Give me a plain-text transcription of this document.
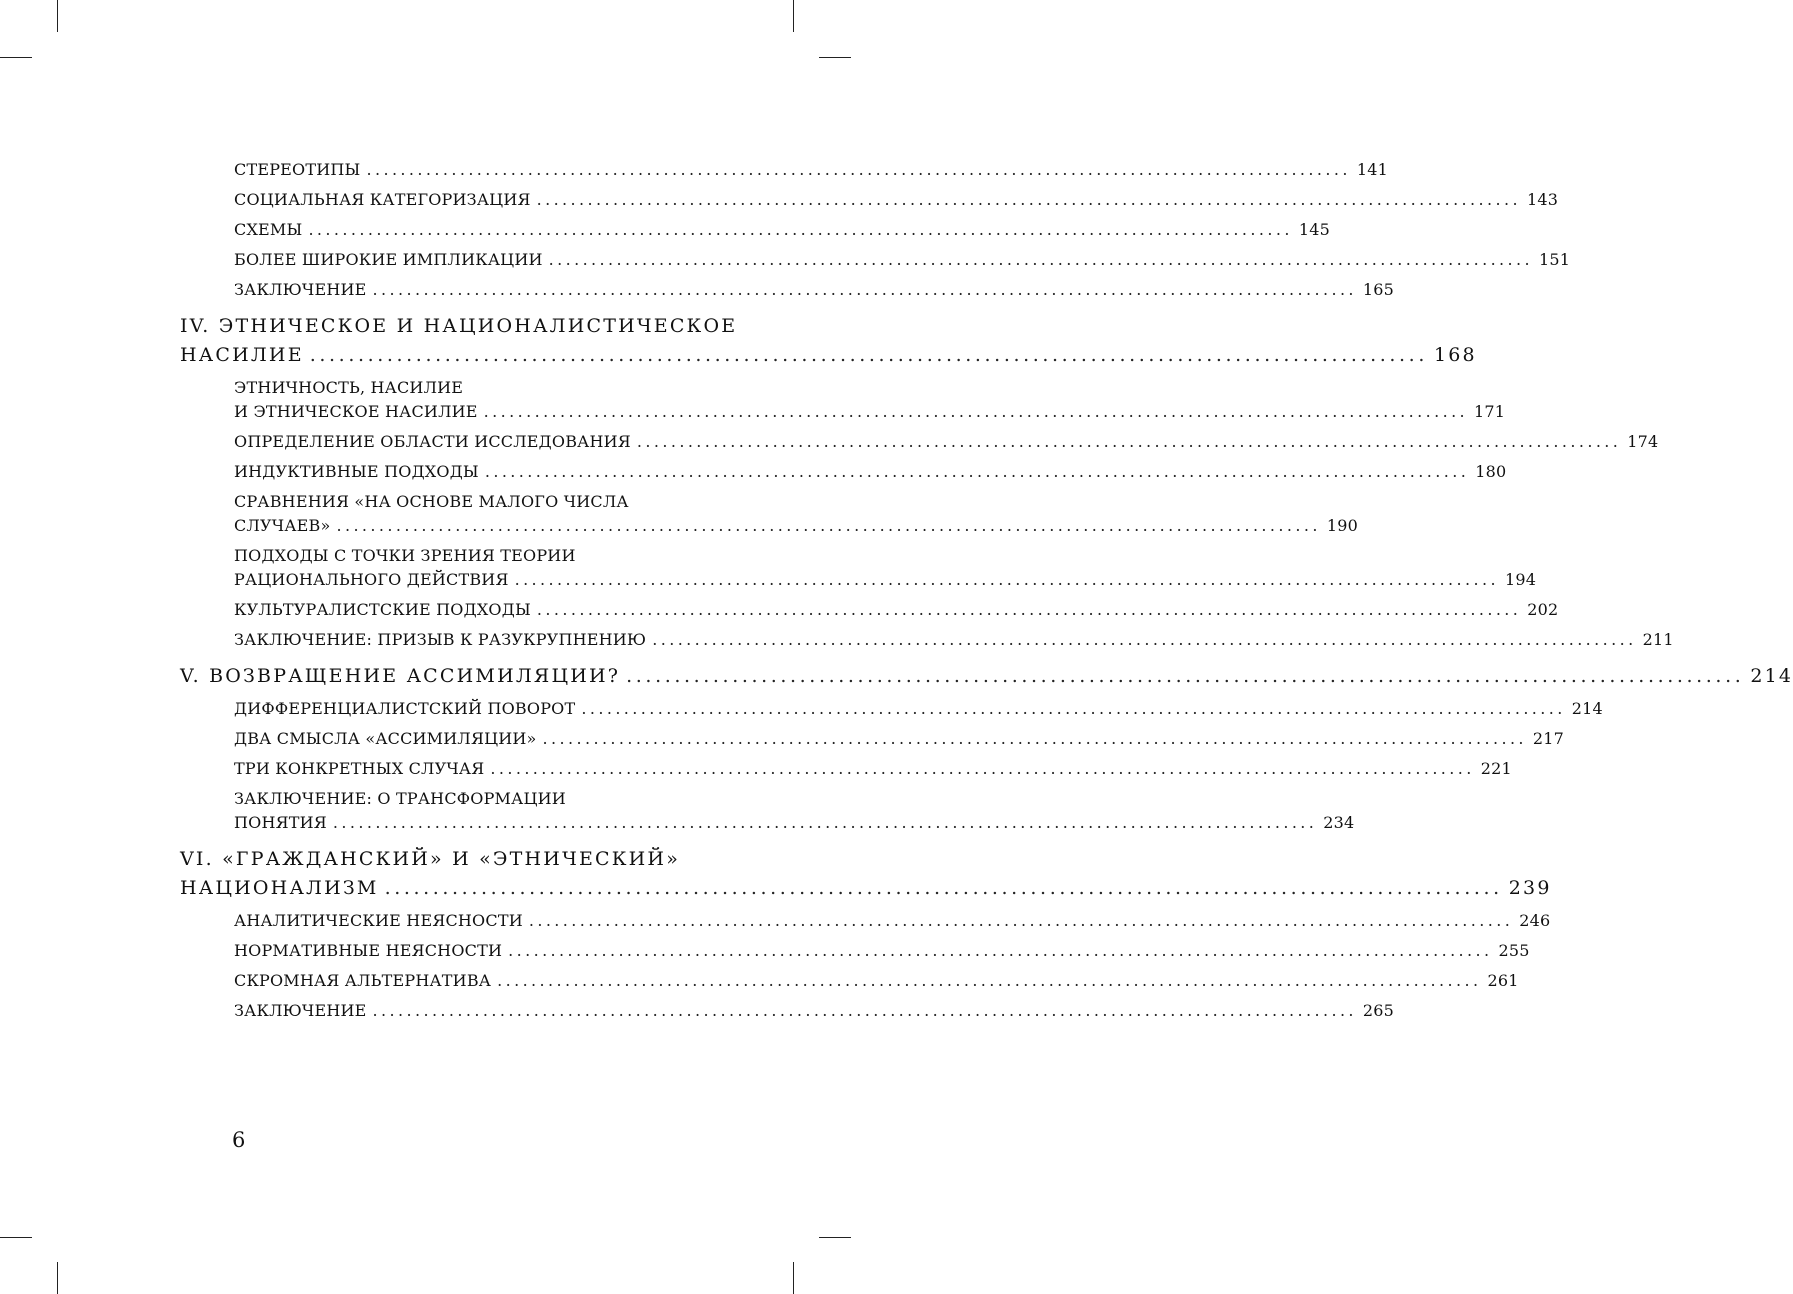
СТЕРЕОТИПЫ .................................................................................................................... 141
СОЦИАЛЬНАЯ КАТЕГОРИЗАЦИЯ .................................................................................................................... 143
СХЕМЫ .................................................................................................................... 145
БОЛЕЕ ШИРОКИЕ ИМПЛИКАЦИИ .................................................................................................................... 151
ЗАКЛЮЧЕНИЕ .................................................................................................................... 165
IV. ЭТНИЧЕСКОЕ И НАЦИОНАЛИСТИЧЕСКОЕ
НАСИЛИЕ .................................................................................................................... 168
ЭТНИЧНОСТЬ, НАСИЛИЕ
И ЭТНИЧЕСКОЕ НАСИЛИЕ .................................................................................................................... 171
ОПРЕДЕЛЕНИЕ ОБЛАСТИ ИССЛЕДОВАНИЯ .................................................................................................................... 174
ИНДУКТИВНЫЕ ПОДХОДЫ .................................................................................................................... 180
СРАВНЕНИЯ «НА ОСНОВЕ МАЛОГО ЧИСЛА
СЛУЧАЕВ» .................................................................................................................... 190
ПОДХОДЫ С ТОЧКИ ЗРЕНИЯ ТЕОРИИ
РАЦИОНАЛЬНОГО ДЕЙСТВИЯ .................................................................................................................... 194
КУЛЬТУРАЛИСТСКИЕ ПОДХОДЫ .................................................................................................................... 202
ЗАКЛЮЧЕНИЕ: ПРИЗЫВ К РАЗУКРУПНЕНИЮ .................................................................................................................... 211
V. ВОЗВРАЩЕНИЕ АССИМИЛЯЦИИ? .................................................................................................................... 214
ДИФФЕРЕНЦИАЛИСТСКИЙ ПОВОРОТ .................................................................................................................... 214
ДВА СМЫСЛА «АССИМИЛЯЦИИ» .................................................................................................................... 217
ТРИ КОНКРЕТНЫХ СЛУЧАЯ .................................................................................................................... 221
ЗАКЛЮЧЕНИЕ: О ТРАНСФОРМАЦИИ
ПОНЯТИЯ .................................................................................................................... 234
VI. «ГРАЖДАНСКИЙ» И «ЭТНИЧЕСКИЙ»
НАЦИОНАЛИЗМ .................................................................................................................... 239
АНАЛИТИЧЕСКИЕ НЕЯСНОСТИ .................................................................................................................... 246
НОРМАТИВНЫЕ НЕЯСНОСТИ .................................................................................................................... 255
СКРОМНАЯ АЛЬТЕРНАТИВА .................................................................................................................... 261
ЗАКЛЮЧЕНИЕ .................................................................................................................... 265
6
